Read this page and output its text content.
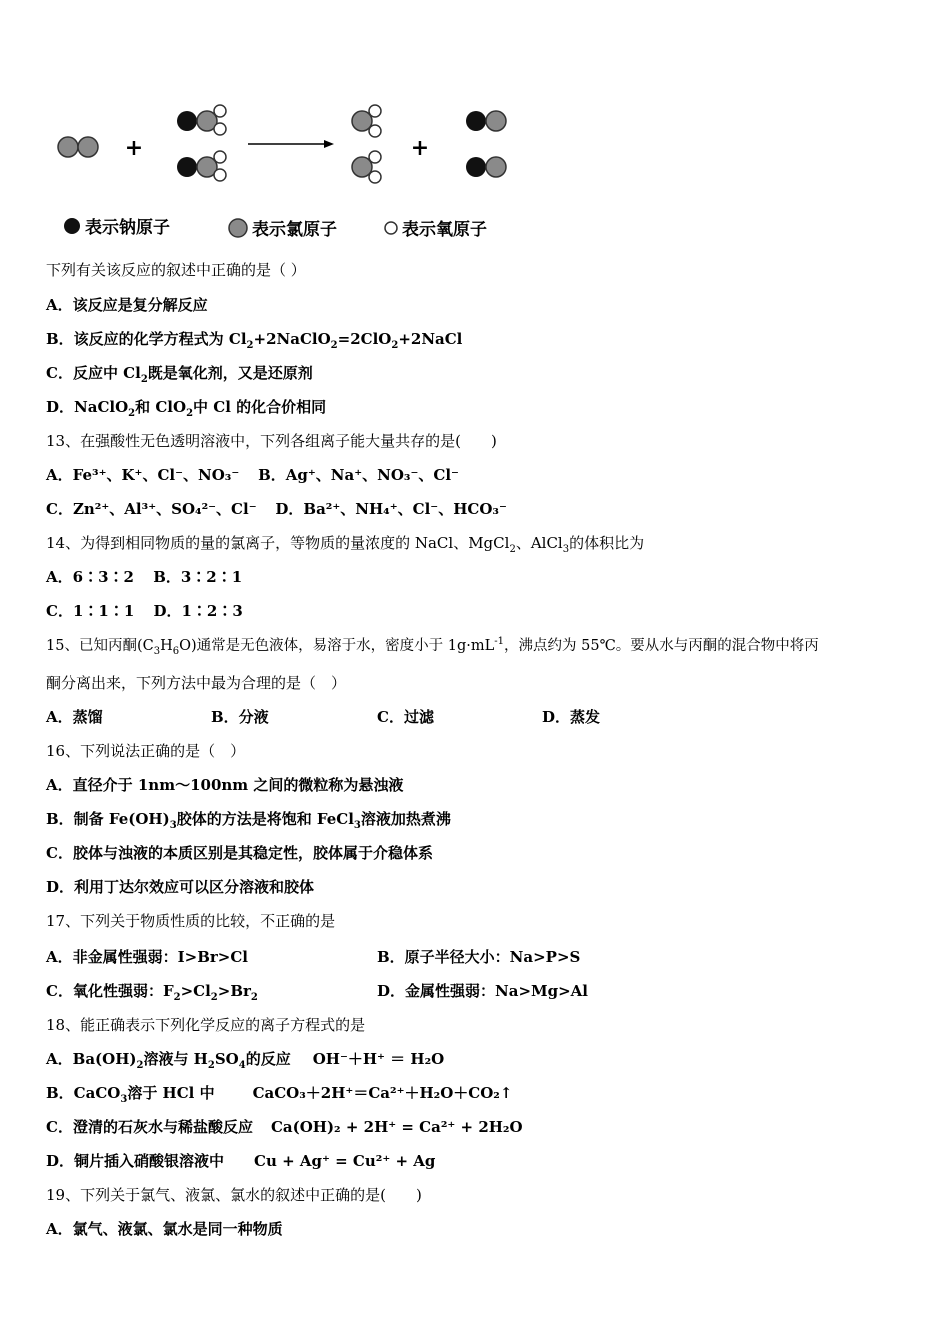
+	+
表示钠原子	表示氯原子	表示氧原子
下列有关该反应的叙述中正确的是（ ）
A．该反应是复分解反应
B．该反应的化学方程式为 $Cl_2+2NaClO_2=2ClO_2+2NaCl$
C．反应中 $Cl_2$既是氧化剂，又是还原剂
D．NaClO$_2$和 ClO$_2$中 Cl 的化合价相同
13、在强酸性无色透明溶液中，下列各组离子能大量共存的是(　　)
A．Fe³⁺、K⁺、Cl⁻、NO₃⁻ B．Ag⁺、Na⁺、NO₃⁻、Cl⁻
C．Zn²⁺、Al³⁺、SO₄²⁻、Cl⁻ D．Ba²⁺、NH₄⁺、Cl⁻、HCO₃⁻
14、为得到相同物质的量的氯离子，等物质的量浓度的 NaCl、MgCl$_2$、AlCl$_3$的体积比为
A．6∶3∶2 B．3∶2∶1
C．1∶1∶1 D．1∶2∶3
15、已知丙酮$(C_3H_6O)$通常是无色液体，易溶于水，密度小于 $1g\cdot mL^{-1}$，沸点约为 55℃。要从水与丙酮的混合物中将丙
酮分离出来，下列方法中最为合理的是（　）
A．蒸馏	B．分液	C．过滤	D．蒸发
16、下列说法正确的是（　）
A．直径介于 1nm～100nm 之间的微粒称为悬浊液
B．制备 $Fe(OH)_3$胶体的方法是将饱和 FeCl$_3$溶液加热煮沸
C．胶体与浊液的本质区别是其稳定性，胶体属于介稳体系
D．利用丁达尔效应可以区分溶液和胶体
17、下列关于物质性质的比较，不正确的是
A．非金属性强弱：I>Br>Cl	B．原子半径大小：Na>P>S
C．氧化性强弱：$F_2>Cl_2>Br_2$	D．金属性强弱：Na>Mg>Al
18、能正确表示下列化学反应的离子方程式的是
A．$Ba(OH)_2$溶液与 $H_2SO_4$的反应 OH⁻＋H⁺ ＝ H₂O
B．CaCO$_3$溶于 HCl 中	CaCO₃＋2H⁺＝Ca²⁺＋H₂O＋CO₂↑
C．澄清的石灰水与稀盐酸反应 Ca(OH)₂ + 2H⁺ = Ca²⁺ + 2H₂O
D．铜片插入硝酸银溶液中 Cu + Ag⁺ = Cu²⁺ + Ag
19、下列关于氯气、液氯、氯水的叙述中正确的是(　　)
A．氯气、液氯、氯水是同一种物质
